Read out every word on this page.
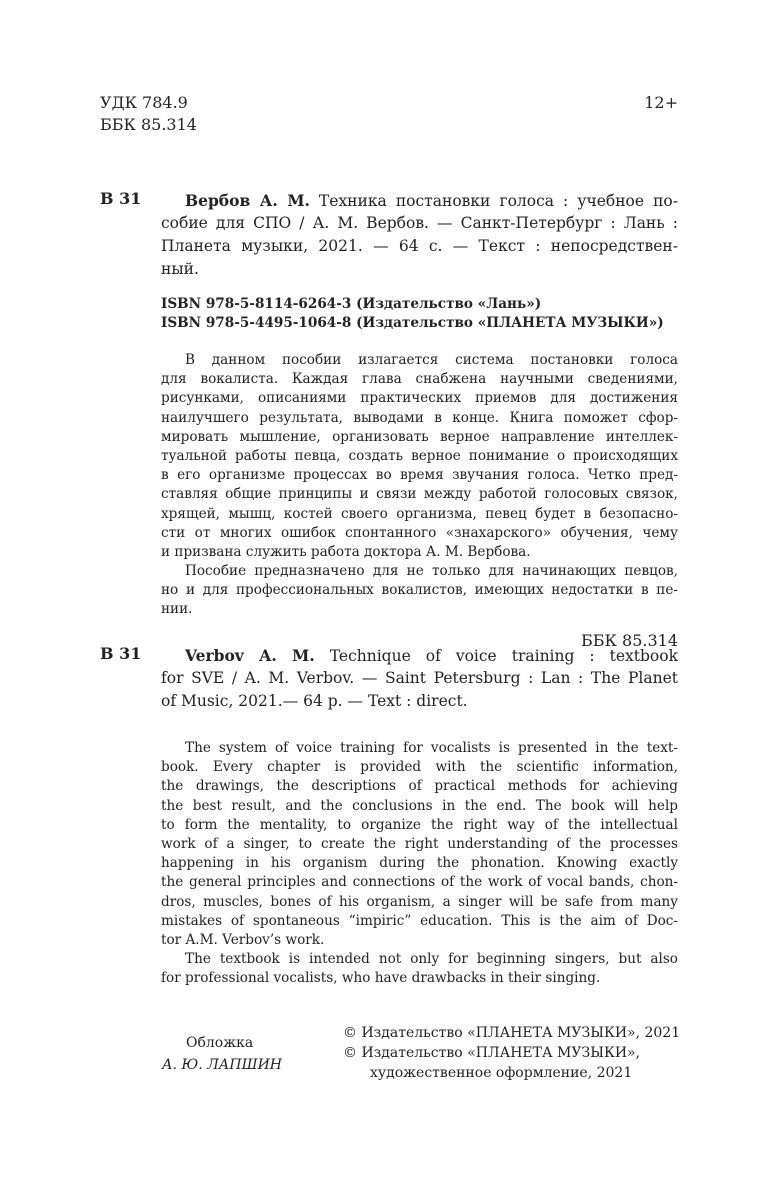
УДК 784.9
ББК 85.314
12+
В 31	Вербов А. М. Техника постановки голоса : учебное по-
собие для СПО / А. М. Вербов. — Санкт-Петербург : Лань :
Планета музыки, 2021. — 64 с. — Текст : непосредствен-
ный.
ISBN 978-5-8114-6264-3 (Издательство «Лань»)
ISBN 978-5-4495-1064-8 (Издательство «ПЛАНЕТА МУЗЫКИ»)
В данном пособии излагается система постановки голоса
для вокалиста. Каждая глава снабжена научными сведениями,
рисунками, описаниями практических приемов для достижения
наилучшего результата, выводами в конце. Книга поможет сфор-
мировать мышление, организовать верное направление интеллек-
туальной работы певца, создать верное понимание о происходящих
в его организме процессах во время звучания голоса. Четко пред-
ставляя общие принципы и связи между работой голосовых связок,
хрящей, мышц, костей своего организма, певец будет в безопасно-
сти от многих ошибок спонтанного «знахарского» обучения, чему
и призвана служить работа доктора А. М. Вербова.
Пособие предназначено для не только для начинающих певцов,
но и для профессиональных вокалистов, имеющих недостатки в пе-
нии.
ББК 85.314
В 31	Verbov A. M. Technique of voice training : textbook
for SVE / A. M. Verbov. — Saint Petersburg : Lan : The Planet
of Music, 2021.— 64 p. — Text : direct.
The system of voice training for vocalists is presented in the text-
book. Every chapter is provided with the scientific information,
the drawings, the descriptions of practical methods for achieving
the best result, and the conclusions in the end. The book will help
to form the mentality, to organize the right way of the intellectual
work of a singer, to create the right understanding of the processes
happening in his organism during the phonation. Knowing exactly
the general principles and connections of the work of vocal bands, chon-
dros, muscles, bones of his organism, a singer will be safe from many
mistakes of spontaneous “impiric” education. This is the aim of Doc-
tor A.M. Verbov’s work.
The textbook is intended not only for beginning singers, but also
for professional vocalists, who have drawbacks in their singing.
Обложка
А. Ю. ЛАПШИН
© Издательство «ПЛАНЕТА МУЗЫКИ», 2021
© Издательство «ПЛАНЕТА МУЗЫКИ»,
художественное оформление, 2021
